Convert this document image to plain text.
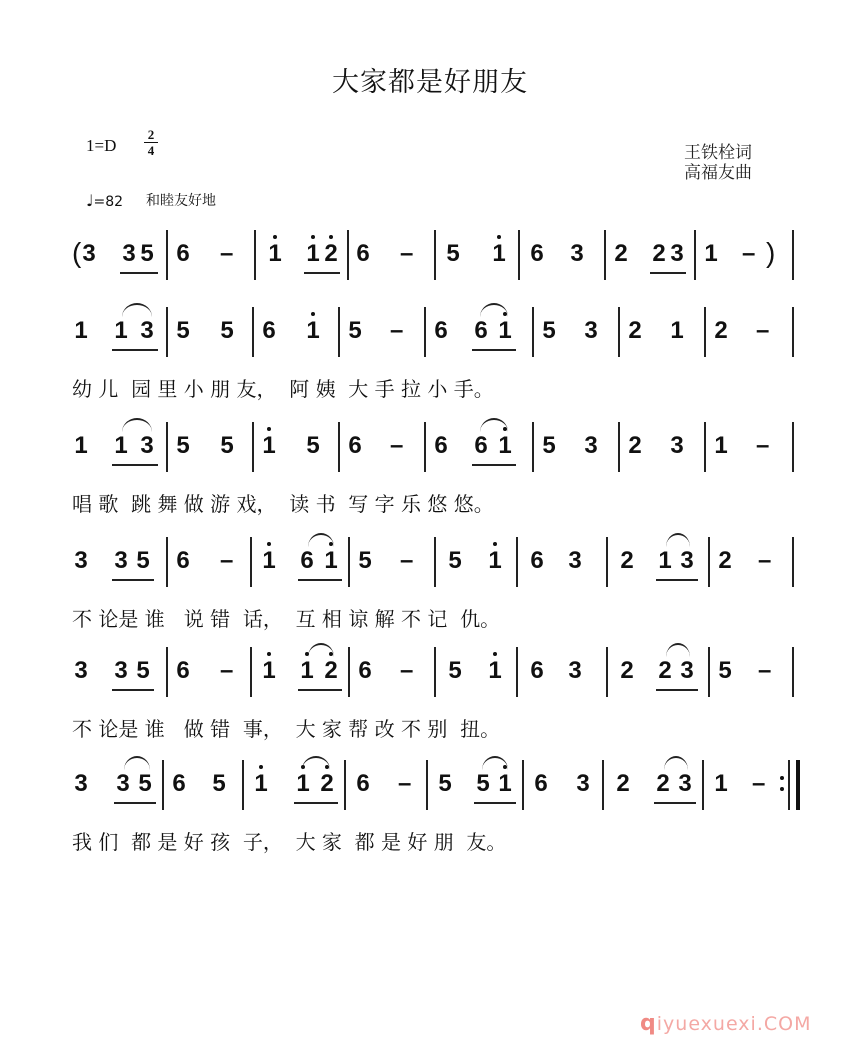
大家都是好朋友
1=D
2
4
♩=82 和睦友好地
王铁栓词
高福友曲
( 3 3 5 6 – 1 1 2 6 – 5 1 6 3 2 2 3 1 – )
1 1 3 5 5 6 1 5 – 6 6 1 5 3 2 1 2 –
幼 儿  园 里 小 朋 友，  阿 姨  大 手 拉 小 手。
1 1 3 5 5 1 5 6 – 6 6 1 5 3 2 3 1 –
唱 歌  跳 舞 做 游 戏，  读 书  写 字 乐 悠 悠。
3 3 5 6 – 1 6 1 5 – 5 1 6 3 2 1 3 2 –
不 论是 谁   说 错  话，  互 相 谅 解 不 记  仇。
3 3 5 6 – 1 1 2 6 – 5 1 6 3 2 2 3 5 –
不 论是 谁   做 错  事，  大 家 帮 改 不 别  扭。
3 3 5 6 5 1 1 2 6 – 5 5 1 6 3 2 2 3 1 –
我 们  都 是 好 孩  子，  大 家  都 是 好 朋  友。
qiyuexuexi.COM
